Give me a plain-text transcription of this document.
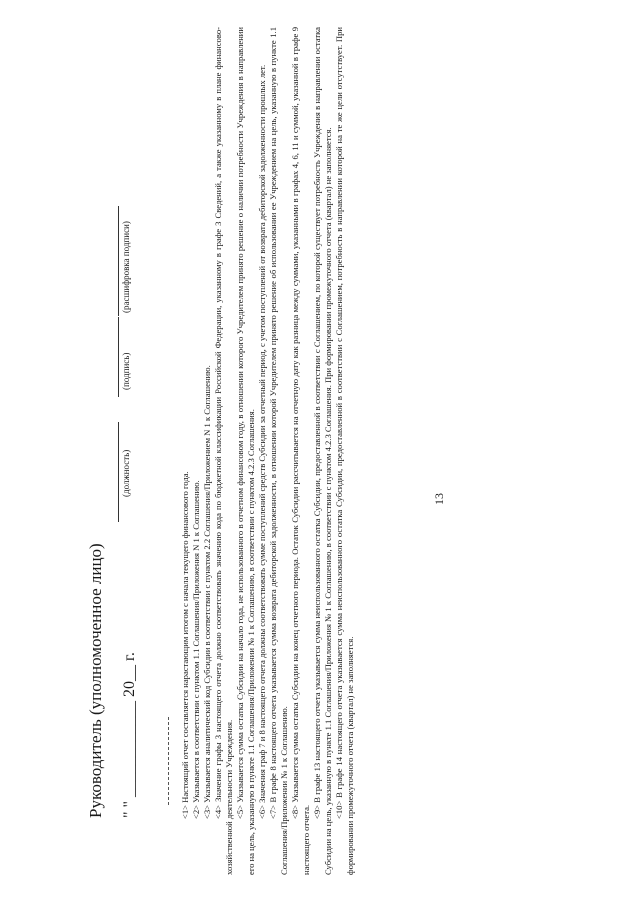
13
Руководитель (уполномоченное лицо) " " ____________ 20__ г.
(должность)
(подпись)
(расшифровка подписи)

<1> Настоящий отчет составляется нарастающим итогом с начала текущего финансового года. <2> Указывается в соответствии с пунктом 1.1 Соглашения/Приложения N 1 к Соглашению. <3> Указывается аналитический код Субсидии в соответствии с пунктом 2.2 Соглашения/Приложением N 1 к Соглашению. <4> Значение графы 3 настоящего отчета должно соответствовать значению кода по бюджетной классификации Российской Федерации, указанному в графе 3 Сведений, а также указанному в плане финансово-хозяйственной деятельности Учреждения. <5> Указывается сумма остатка Субсидии на начало года, не использованного в отчетном финансовом году, в отношении которого Учредителем принято решение о наличии потребности Учреждения в направлении его на цель, указанную в пункте 1.1 Соглашения/Приложении № 1 к Соглашению, в соответствии с пунктом 4.2.3 Соглашения. <6> Значения граф 7 и 8 настоящего отчета должны соответствовать сумме поступлений средств Субсидии за отчетный период, с учетом поступлений от возврата дебиторской задолженности прошлых лет. <7> В графе 8 настоящего отчета указывается сумма возврата дебиторской задолженности, в отношении которой Учредителем принято решение об использовании ее Учреждением на цель, указанную в пункте 1.1 Соглашения/Приложении № 1 к Соглашению. <8> Указывается сумма остатка Субсидии на конец отчетного периода. Остаток Субсидии рассчитывается на отчетную дату как разница между суммами, указанными в графах 4, 6, 11 и суммой, указанной в графе 9 настоящего отчета.

<9> В графе 13 настоящего отчета указывается сумма неиспользованного остатка Субсидии, предоставленной в соответствии с Соглашением, по которой существует потребность Учреждения в направлении остатка Субсидии на цель, указанную в пункте 1.1 Соглашения/Приложения № 1 к Соглашению, в соответствии с пунктом 4.2.3 Соглашения. При формировании промежуточного отчета (квартал) не заполняется. <10> В графе 14 настоящего отчета указывается сумма неиспользованного остатка Субсидии, предоставленной в соответствии с Соглашением, потребность в направлении которой на те же цели отсутствует. При формировании промежуточного отчета (квартал) не заполняется.
